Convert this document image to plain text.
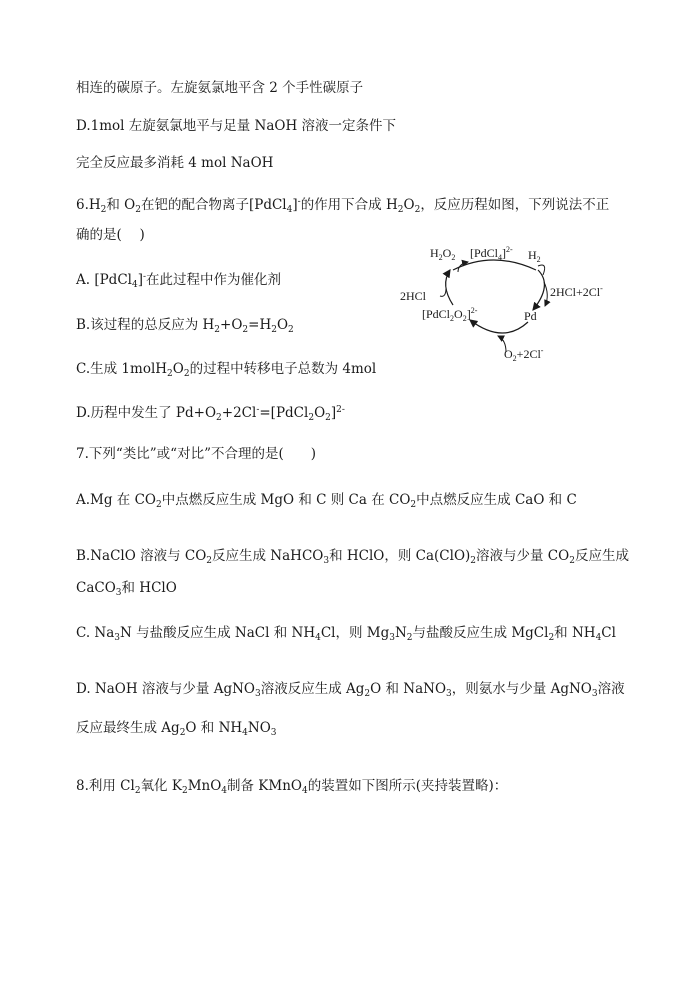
相连的碳原子。左旋氨氯地平含 2 个手性碳原子
D.1mol 左旋氨氯地平与足量 NaOH 溶液一定条件下
完全反应最多消耗 4 mol NaOH
$6.H_2$和 $O_2$在钯的配合物离子[PdCl$_4$]-的作用下合成 $H_2O_2$，反应历程如图，下列说法不正
确的是(　 )
A. [PdCl$_4$]-在此过程中作为催化剂
B.该过程的总反应为 $H_2+O_2=H_2O_2$
C.生成 $1molH_2O_2$的过程中转移电子总数为 4mol
D.历程中发生了 $Pd+O_2+2Cl^-=[PdCl_2O_2]^{2-}$
7.下列“类比”或“对比”不合理的是(　　)
A.Mg 在 $CO_2$中点燃反应生成 MgO 和 C 则 Ca 在 $CO_2$中点燃反应生成 CaO 和 C
B.NaClO 溶液与 $CO_2$反应生成 NaHCO$_3$和 HClO，则 $Ca(ClO)_2$溶液与少量 $CO_2$反应生成
CaCO$_3$和 HClO
C. $Na_3N$ 与盐酸反应生成 NaCl 和 $NH_4Cl$，则 $Mg_3N_2$与盐酸反应生成 MgCl$_2$和 $NH_4Cl$
D. NaOH 溶液与少量 AgNO$_3$溶液反应生成 $Ag_2O$ 和 NaNO$_3$，则氨水与少量 AgNO$_3$溶液
反应最终生成 $Ag_2O$ 和 $NH_4NO_3$
8.利用 $Cl_2$氧化 $K_2MnO_4$制备 KMnO$_4$的装置如下图所示(夹持装置略)：
$H_2O_2$ [PdCl$_4$]$^{2-}$ $H_2$
2HCl+2Cl-
2HCl
$[PdCl_2O_2]^{2-}$	Pd
$O_2+2Cl^-$
